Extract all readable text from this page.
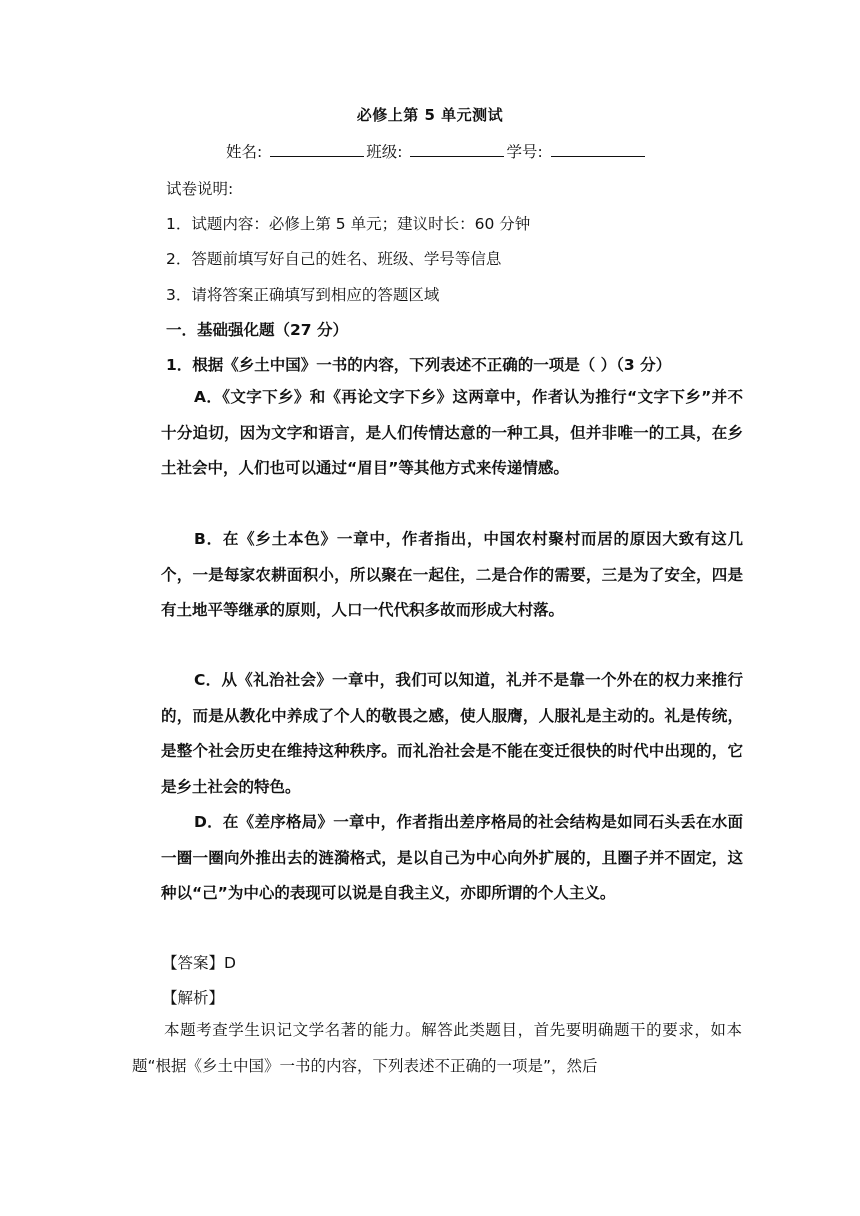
必修上第 5 单元测试
姓名:	班级:	学号:
试卷说明:
1．试题内容：必修上第 5 单元；建议时长：60 分钟
2．答题前填写好自己的姓名、班级、学号等信息
3．请将答案正确填写到相应的答题区域
一．基础强化题（27 分）
1．根据《乡土中国》一书的内容，下列表述不正确的一项是（ ）（3 分）
A．《文字下乡》和《再论文字下乡》这两章中，作者认为推行“文字下乡”并不十分迫切，因为文字和语言，是人们传情达意的一种工具，但并非唯一的工具，在乡土社会中，人们也可以通过“眉目”等其他方式来传递情感。
B．在《乡土本色》一章中，作者指出，中国农村聚村而居的原因大致有这几个，一是每家农耕面积小，所以聚在一起住，二是合作的需要，三是为了安全，四是有土地平等继承的原则，人口一代代积多故而形成大村落。
C．从《礼治社会》一章中，我们可以知道，礼并不是靠一个外在的权力来推行的，而是从教化中养成了个人的敬畏之感，使人服膺，人服礼是主动的。礼是传统，是整个社会历史在维持这种秩序。而礼治社会是不能在变迁很快的时代中出现的，它是乡土社会的特色。
D．在《差序格局》一章中，作者指出差序格局的社会结构是如同石头丢在水面一圈一圈向外推出去的涟漪格式，是以自己为中心向外扩展的，且圈子并不固定，这种以“己”为中心的表现可以说是自我主义，亦即所谓的个人主义。
【答案】D
【解析】
本题考查学生识记文学名著的能力。解答此类题目，首先要明确题干的要求，如本题“根据《乡土中国》一书的内容，下列表述不正确的一项是”，然后
